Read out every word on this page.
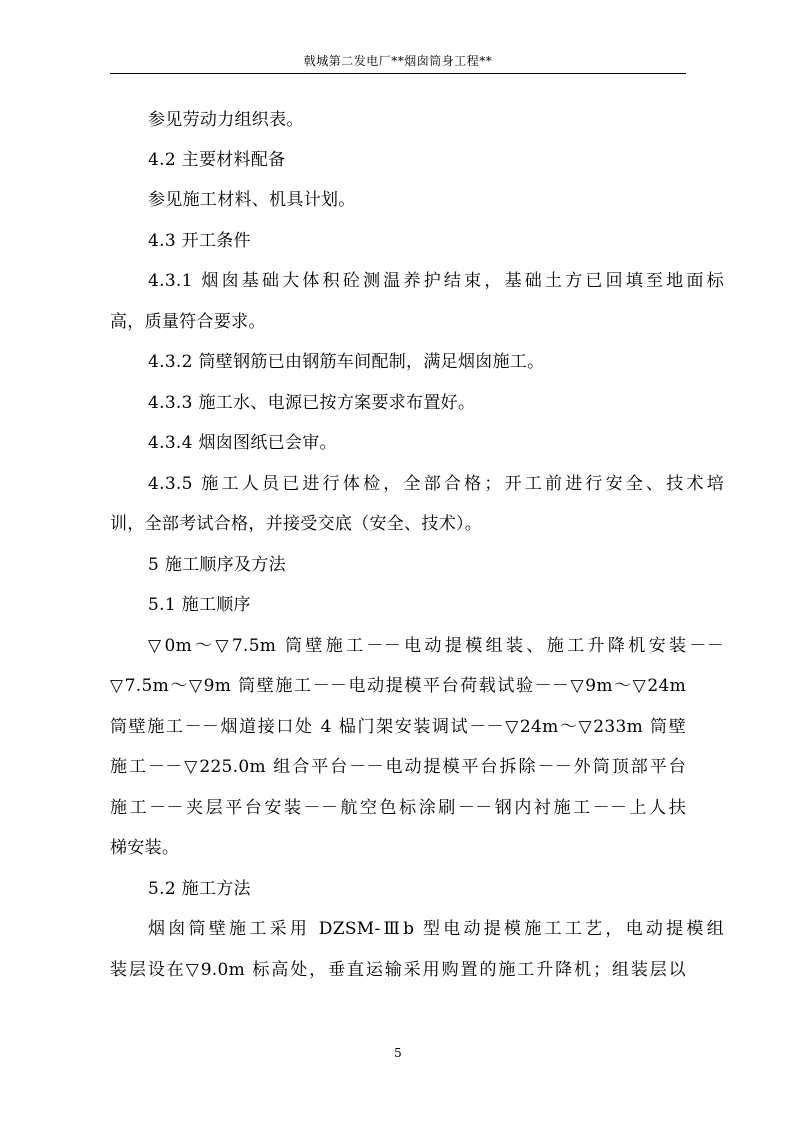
戟城第二发电厂**烟囱筒身工程**
参见劳动力组织表。
4.2 主要材料配备
参见施工材料、机具计划。
4.3 开工条件
4.3.1 烟囱基础大体积砼测温养护结束，基础土方已回填至地面标
高，质量符合要求。
4.3.2 筒壁钢筋已由钢筋车间配制，满足烟囱施工。
4.3.3 施工水、电源已按方案要求布置好。
4.3.4 烟囱图纸已会审。
4.3.5 施工人员已进行体检，全部合格；开工前进行安全、技术培
训，全部考试合格，并接受交底（安全、技术）。
5 施工顺序及方法
5.1 施工顺序
▽0m～▽7.5m 筒壁施工－－电动提模组装、施工升降机安装－－
▽7.5m～▽9m 筒壁施工－－电动提模平台荷载试验－－▽9m～▽24m
筒壁施工－－烟道接口处 4 榀门架安装调试－－▽24m～▽233m 筒壁
施工－－▽225.0m 组合平台－－电动提模平台拆除－－外筒顶部平台
施工－－夹层平台安装－－航空色标涂刷－－钢内衬施工－－上人扶
梯安装。
5.2 施工方法
烟囱筒壁施工采用 DZSM-Ⅲb 型电动提模施工工艺，电动提模组
装层设在▽9.0m 标高处，垂直运输采用购置的施工升降机；组装层以
5
